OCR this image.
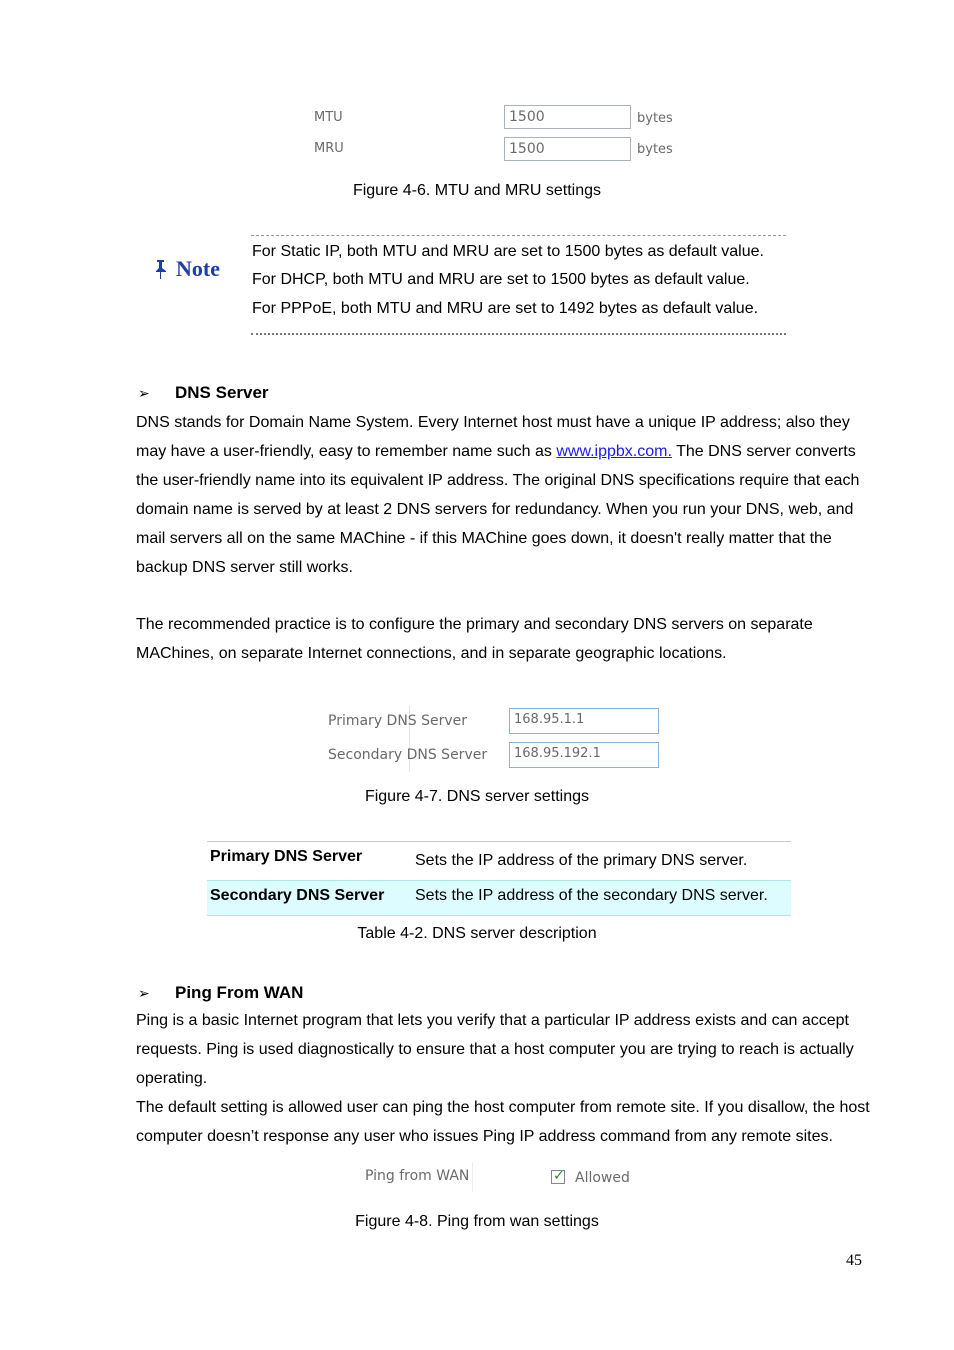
MTU	1500	bytes
MRU	1500	bytes
Figure 4-6. MTU and MRU settings
Note
For Static IP, both MTU and MRU are set to 1500 bytes as default value.
For DHCP, both MTU and MRU are set to 1500 bytes as default value.
For PPPoE, both MTU and MRU are set to 1492 bytes as default value.
➢ DNS Server

DNS stands for Domain Name System. Every Internet host must have a unique IP address; also they may have a user-friendly, easy to remember name such as www.ippbx.com. The DNS server converts the user-friendly name into its equivalent IP address. The original DNS specifications require that each domain name is served by at least 2 DNS servers for redundancy. When you run your DNS, web, and mail servers all on the same MAChine - if this MAChine goes down, it doesn't really matter that the backup DNS server still works.

The recommended practice is to configure the primary and secondary DNS servers on separate MAChines, on separate Internet connections, and in separate geographic locations.
Primary DNS Server	168.95.1.1
Secondary DNS Server	168.95.192.1
Figure 4-7. DNS server settings
Primary DNS Server	Sets the IP address of the primary DNS server.
Secondary DNS Server	Sets the IP address of the secondary DNS server.
Table 4-2. DNS server description
➢ Ping From WAN
Ping is a basic Internet program that lets you verify that a particular IP address exists and can accept requests. Ping is used diagnostically to ensure that a host computer you are trying to reach is actually operating.
The default setting is allowed user can ping the host computer from remote site. If you disallow, the host computer doesn’t response any user who issues Ping IP address command from any remote sites.
Ping from WAN	✓ Allowed
Figure 4-8. Ping from wan settings
45
